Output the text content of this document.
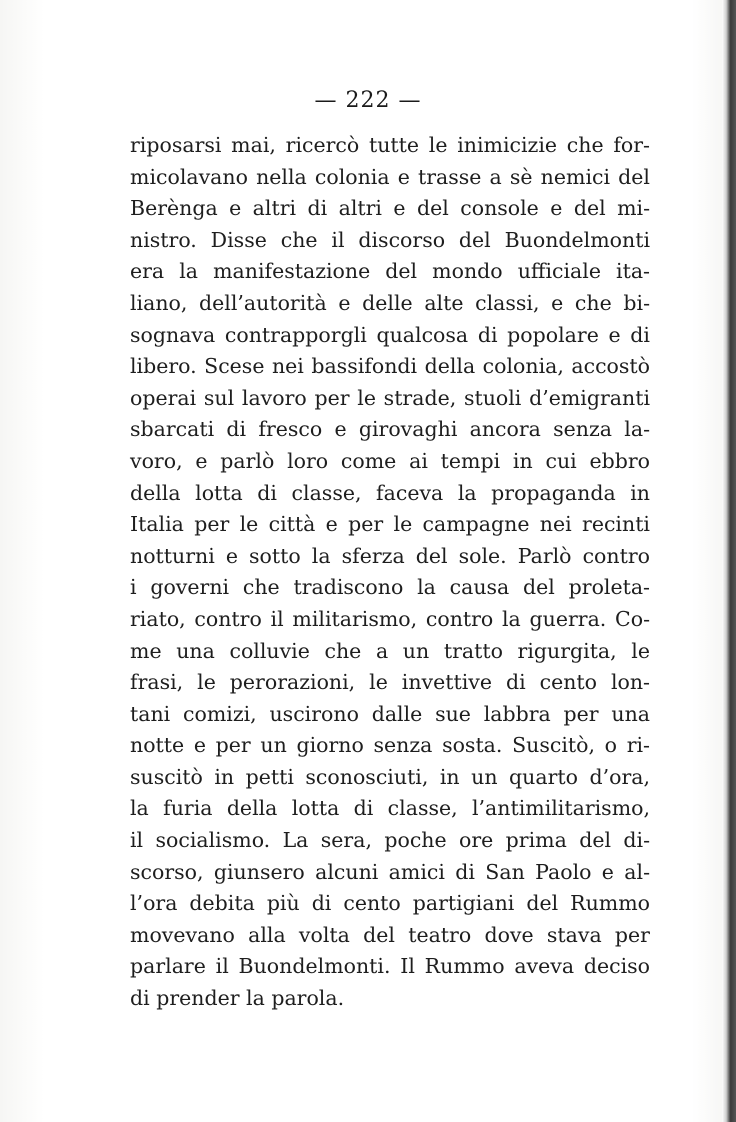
— 222 —
riposarsi mai, ricercò tutte le inimicizie che for-
micolavano nella colonia e trasse a sè nemici del
Berènga e altri di altri e del console e del mi-
nistro. Disse che il discorso del Buondelmonti
era la manifestazione del mondo ufficiale ita-
liano, dell’autorità e delle alte classi, e che bi-
sognava contrapporgli qualcosa di popolare e di
libero. Scese nei bassifondi della colonia, accostò
operai sul lavoro per le strade, stuoli d’emigranti
sbarcati di fresco e girovaghi ancora senza la-
voro, e parlò loro come ai tempi in cui ebbro
della lotta di classe, faceva la propaganda in
Italia per le città e per le campagne nei recinti
notturni e sotto la sferza del sole. Parlò contro
i governi che tradiscono la causa del proleta-
riato, contro il militarismo, contro la guerra. Co-
me una colluvie che a un tratto rigurgita, le
frasi, le perorazioni, le invettive di cento lon-
tani comizi, uscirono dalle sue labbra per una
notte e per un giorno senza sosta. Suscitò, o ri-
suscitò in petti sconosciuti, in un quarto d’ora,
la furia della lotta di classe, l’antimilitarismo,
il socialismo. La sera, poche ore prima del di-
scorso, giunsero alcuni amici di San Paolo e al-
l’ora debita più di cento partigiani del Rummo
movevano alla volta del teatro dove stava per
parlare il Buondelmonti. Il Rummo aveva deciso
di prender la parola.
